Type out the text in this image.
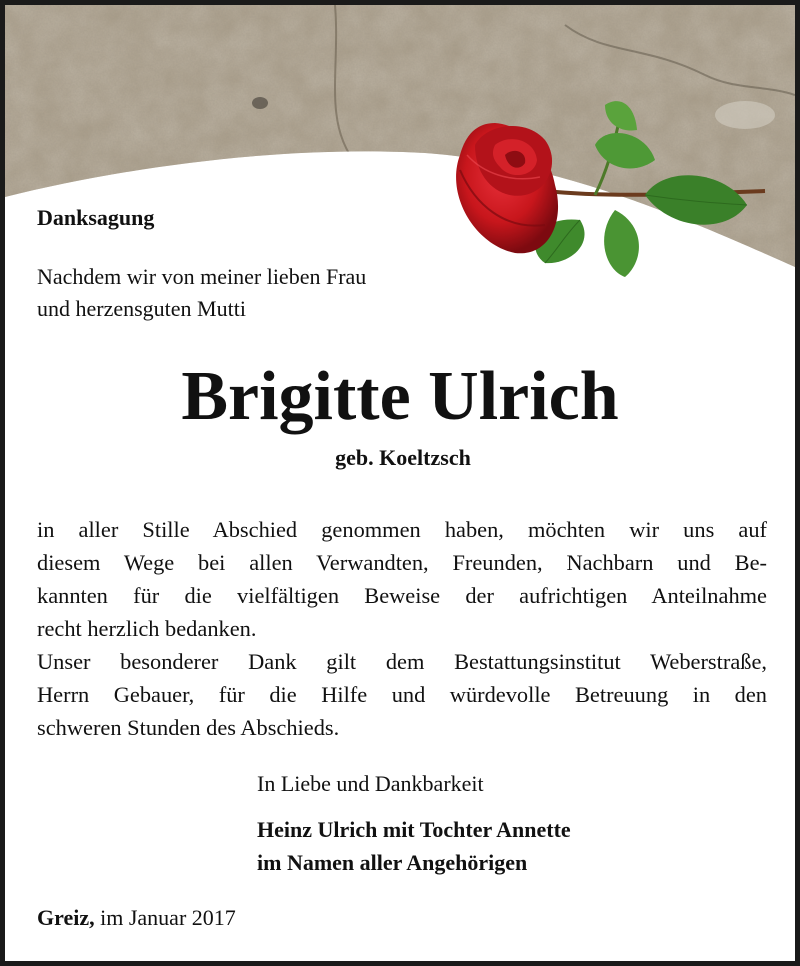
Danksagung
Nachdem wir von meiner lieben Frau
und herzensguten Mutti
Brigitte Ulrich
geb. Koeltzsch
in aller Stille Abschied genommen haben, möchten wir uns auf
diesem Wege bei allen Verwandten, Freunden, Nachbarn und Be-
kannten für die vielfältigen Beweise der aufrichtigen Anteilnahme
recht herzlich bedanken.
Unser besonderer Dank gilt dem Bestattungsinstitut Weberstraße,
Herrn Gebauer, für die Hilfe und würdevolle Betreuung in den
schweren Stunden des Abschieds.
In Liebe und Dankbarkeit
Heinz Ulrich mit Tochter Annette
im Namen aller Angehörigen
Greiz, im Januar 2017
